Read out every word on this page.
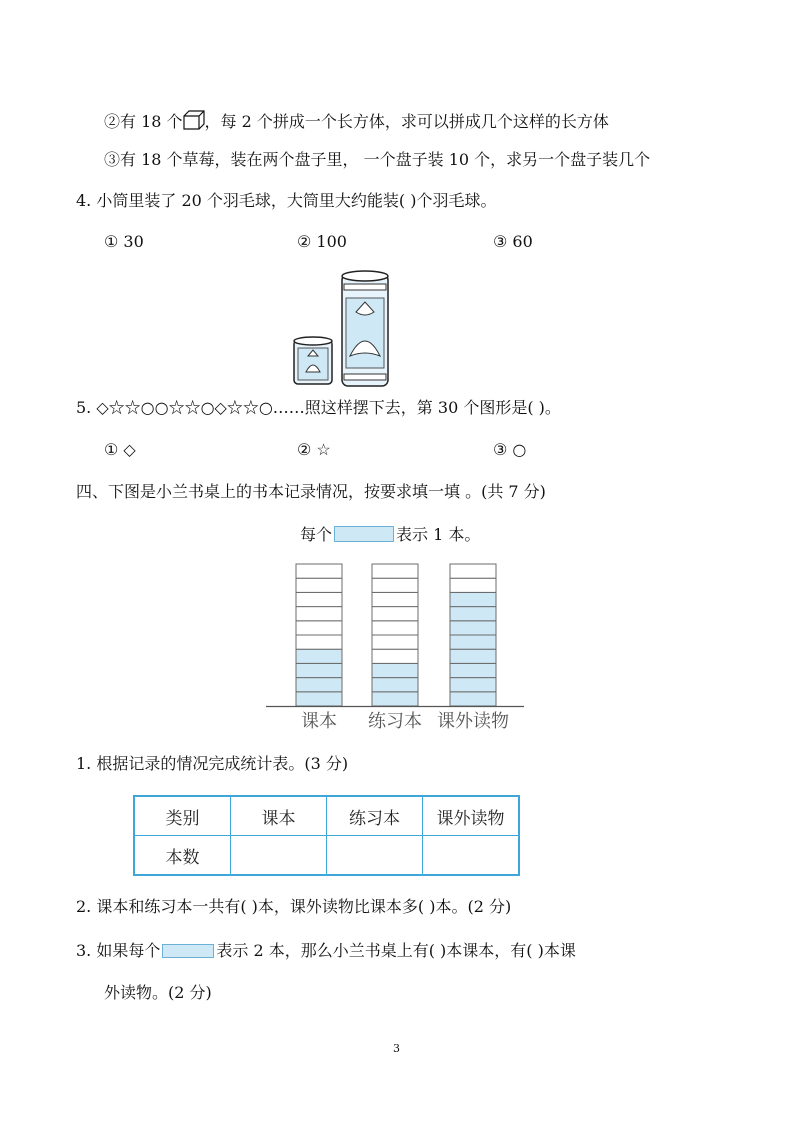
②有 18 个 ，每 2 个拼成一个长方体，求可以拼成几个这样的长方体
③有 18 个草莓，装在两个盘子里， 一个盘子装 10 个，求另一个盘子装几个
4. 小筒里装了 20 个羽毛球，大筒里大约能装( )个羽毛球。
① 30	② 100	③ 60
5. ◇☆☆○○☆☆○◇☆☆○……照这样摆下去，第 30 个图形是( )。
① ◇	② ☆	③ ○
四、下图是小兰书桌上的书本记录情况，按要求填一填 。(共 7 分)
每个	表示 1 本。
课本 练习本 课外读物
1. 根据记录的情况完成统计表。(3 分)
类别	课本	练习本	课外读物
本数			
2. 课本和练习本一共有( )本，课外读物比课本多( )本。(2 分)
3. 如果每个	表示 2 本，那么小兰书桌上有( )本课本，有( )本课
外读物。(2 分)
3
